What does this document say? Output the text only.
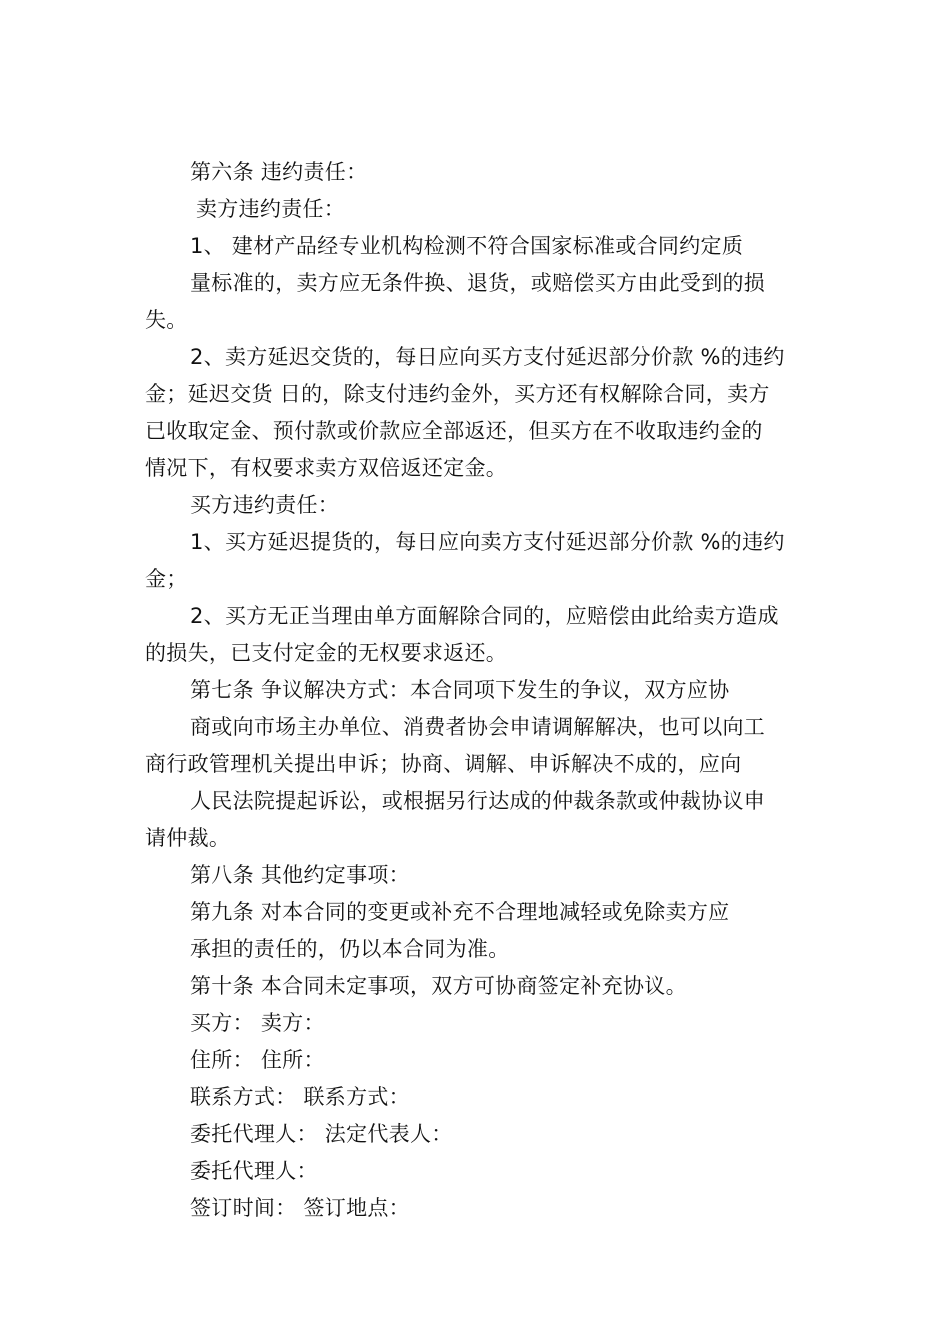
第六条 违约责任：
卖方违约责任：
1、 建材产品经专业机构检测不符合国家标准或合同约定质
量标准的，卖方应无条件换、退货，或赔偿买方由此受到的损
失。
2、卖方延迟交货的，每日应向买方支付延迟部分价款 %的违约
金；延迟交货 日的，除支付违约金外，买方还有权解除合同，卖方
已收取定金、预付款或价款应全部返还，但买方在不收取违约金的
情况下，有权要求卖方双倍返还定金。
买方违约责任：
1、买方延迟提货的，每日应向卖方支付延迟部分价款 %的违约
金；
2、买方无正当理由单方面解除合同的，应赔偿由此给卖方造成
的损失，已支付定金的无权要求返还。
第七条 争议解决方式：本合同项下发生的争议，双方应协
商或向市场主办单位、消费者协会申请调解解决，也可以向工
商行政管理机关提出申诉；协商、调解、申诉解决不成的，应向
人民法院提起诉讼，或根据另行达成的仲裁条款或仲裁协议申
请仲裁。
第八条 其他约定事项：
第九条 对本合同的变更或补充不合理地减轻或免除卖方应
承担的责任的，仍以本合同为准。
第十条 本合同未定事项，双方可协商签定补充协议。
买方： 卖方：
住所： 住所：
联系方式： 联系方式：
委托代理人： 法定代表人：
委托代理人：
签订时间： 签订地点：
